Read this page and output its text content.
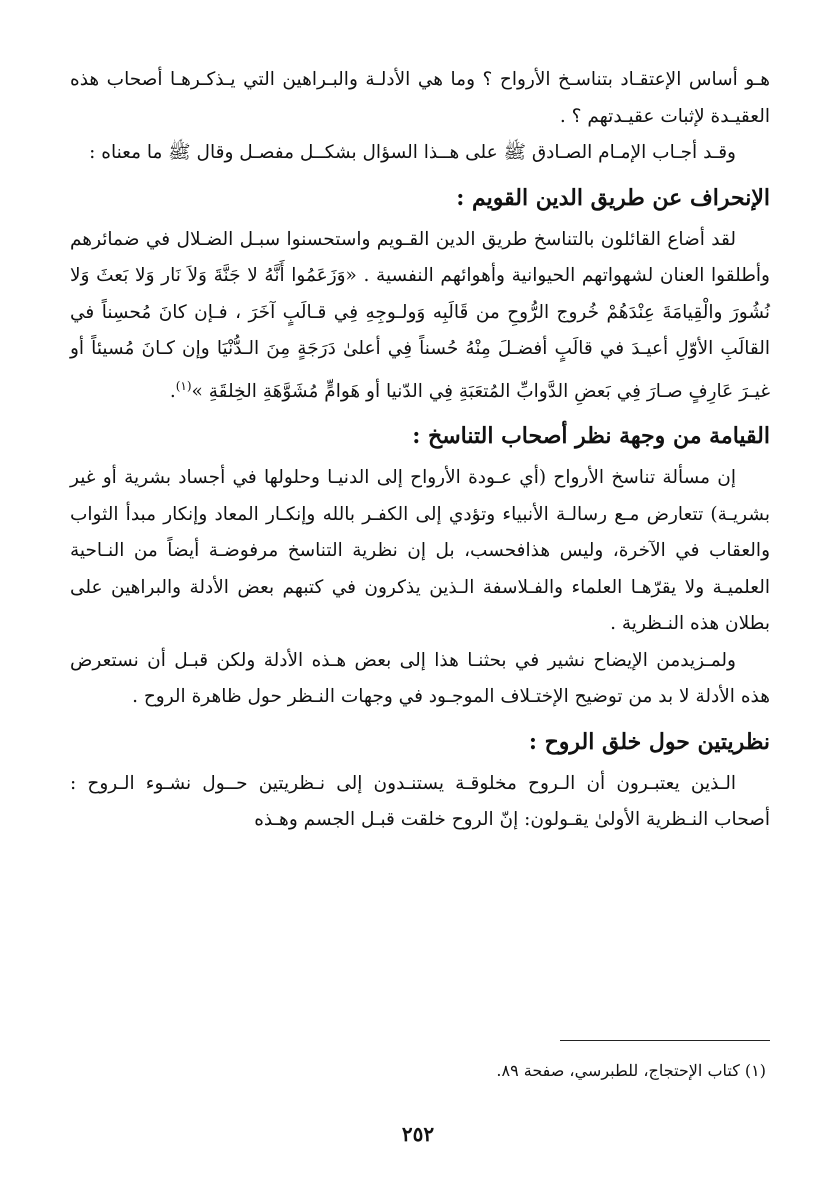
هـو أساس الإعتقـاد بتناسـخ الأرواح ؟ وما هي الأدلـة والبـراهين التي يـذكـرهـا أصحاب هذه العقيـدة لإثبات عقيـدتهم ؟ .

وقـد أجـاب الإمـام الصـادق ﷺ على هــذا السؤال بشكــل مفصـل وقال ﷺ ما معناه :

الإنحراف عن طريق الدين القويم :

لقد أضاع القائلون بالتناسخ طريق الدين القـويم واستحسنوا سبـل الضـلال في ضمائرهم وأطلقوا العنان لشهواتهم الحيوانية وأهوائهم النفسية . «وَزَعَمُوا أَنَّهُ لا جَنَّةَ وَلاَ نَار وَلا بَعثَ وَلا نُشُورَ والْقِيامَةَ عِنْدَهُمْ خُروج الرُّوحِ من قَالَبِه وَولـوجِهِ فِي قـالَبٍ آخَرَ ، فـإن كانَ مُحسِناً في القالَبِ الأوّلِ أعيـدَ في قالَبٍ أفضـلَ مِنْهُ حُسناً فِي أعلىٰ دَرَجَةٍ مِنَ الـدُّنْيَا وإن كـانَ مُسيئاً أو غيـرَ عَارِفٍ صـارَ فِي بَعضِ الدَّوابِّ المُتعَبَةِ فِي الدّنيا أو هَوامٍّ مُشَوَّهَةِ الخِلقَةِ »$^{(١)}$.

القيامة من وجهة نظر أصحاب التناسخ :

إن مسألة تناسخ الأرواح (أي عـودة الأرواح إلى الدنيـا وحلولها في أجساد بشرية أو غير بشريـة) تتعارض مـع رسالـة الأنبياء وتؤدي إلى الكفـر بالله وإنكـار المعاد وإنكار مبدأ الثواب والعقاب في الآخرة، وليس هذافحسب، بل إن نظرية التناسخ مرفوضـة أيضاً من النـاحية العلميـة ولا يقرّهـا العلماء والفـلاسفة الـذين يذكرون في كتبهم بعض الأدلة والبراهين على بطلان هذه النـظرية .

ولمـزيدمن الإيضاح نشير في بحثنـا هذا إلى بعض هـذه الأدلة ولكن قبـل أن نستعرض هذه الأدلة لا بد من توضيح الإختـلاف الموجـود في وجهات النـظر حول ظاهرة الروح .

نظريتين حول خلق الروح :

الـذين يعتبـرون أن الـروح مخلوقـة يستنـدون إلى نـظريتين حــول نشـوء الـروح : أصحاب النـظرية الأولىٰ يقـولون: إنّ الروح خلقت قبـل الجسم وهـذه

(١) كتاب الإحتجاج، للطبرسي، صفحة ٨٩.
٢٥٢
